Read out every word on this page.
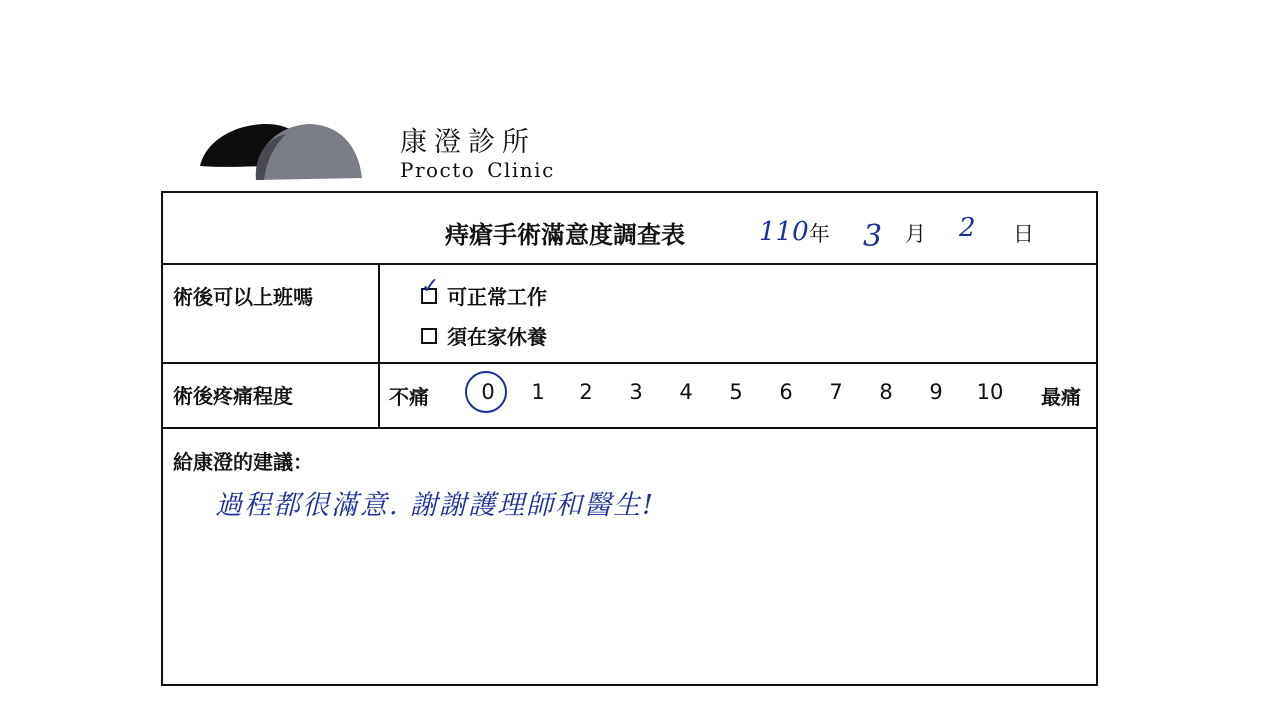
康澄診所
Procto Clinic
痔瘡手術滿意度調查表	110 年 3 月 2 日
術後可以上班嗎	✓ 可正常工作
須在家休養
術後疼痛程度	不痛	0	1	2	3	4	5	6	7	8	9	10 最痛
給康澄的建議：
過程都很滿意. 謝謝護理師和醫生!
